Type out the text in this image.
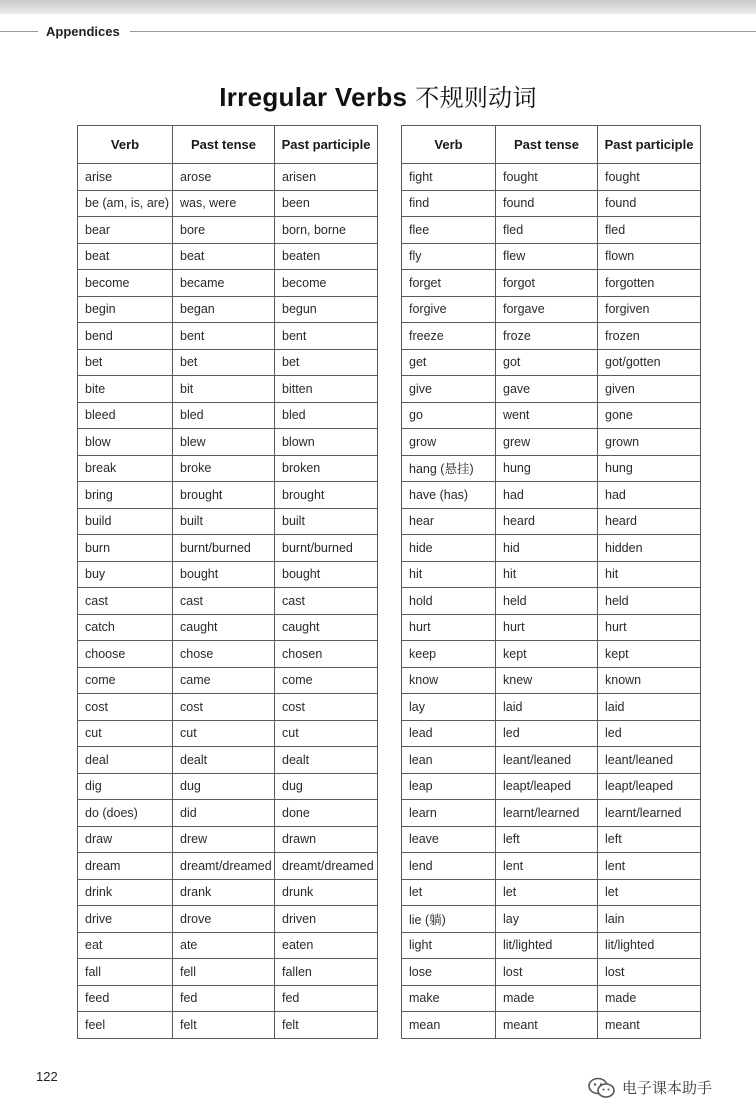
Appendices
Irregular Verbs 不规则动词
Verb	Past tense	Past participle
arise	arose	arisen
be (am, is, are)	was, were	been
bear	bore	born, borne
beat	beat	beaten
become	became	become
begin	began	begun
bend	bent	bent
bet	bet	bet
bite	bit	bitten
bleed	bled	bled
blow	blew	blown
break	broke	broken
bring	brought	brought
build	built	built
burn	burnt/burned	burnt/burned
buy	bought	bought
cast	cast	cast
catch	caught	caught
choose	chose	chosen
come	came	come
cost	cost	cost
cut	cut	cut
deal	dealt	dealt
dig	dug	dug
do (does)	did	done
draw	drew	drawn
dream	dreamt/dreamed	dreamt/dreamed
drink	drank	drunk
drive	drove	driven
eat	ate	eaten
fall	fell	fallen
feed	fed	fed
feel	felt	felt
Verb	Past tense	Past participle
fight	fought	fought
find	found	found
flee	fled	fled
fly	flew	flown
forget	forgot	forgotten
forgive	forgave	forgiven
freeze	froze	frozen
get	got	got/gotten
give	gave	given
go	went	gone
grow	grew	grown
hang (悬挂)	hung	hung
have (has)	had	had
hear	heard	heard
hide	hid	hidden
hit	hit	hit
hold	held	held
hurt	hurt	hurt
keep	kept	kept
know	knew	known
lay	laid	laid
lead	led	led
lean	leant/leaned	leant/leaned
leap	leapt/leaped	leapt/leaped
learn	learnt/learned	learnt/learned
leave	left	left
lend	lent	lent
let	let	let
lie (躺)	lay	lain
light	lit/lighted	lit/lighted
lose	lost	lost
make	made	made
mean	meant	meant
122
电子课本助手
